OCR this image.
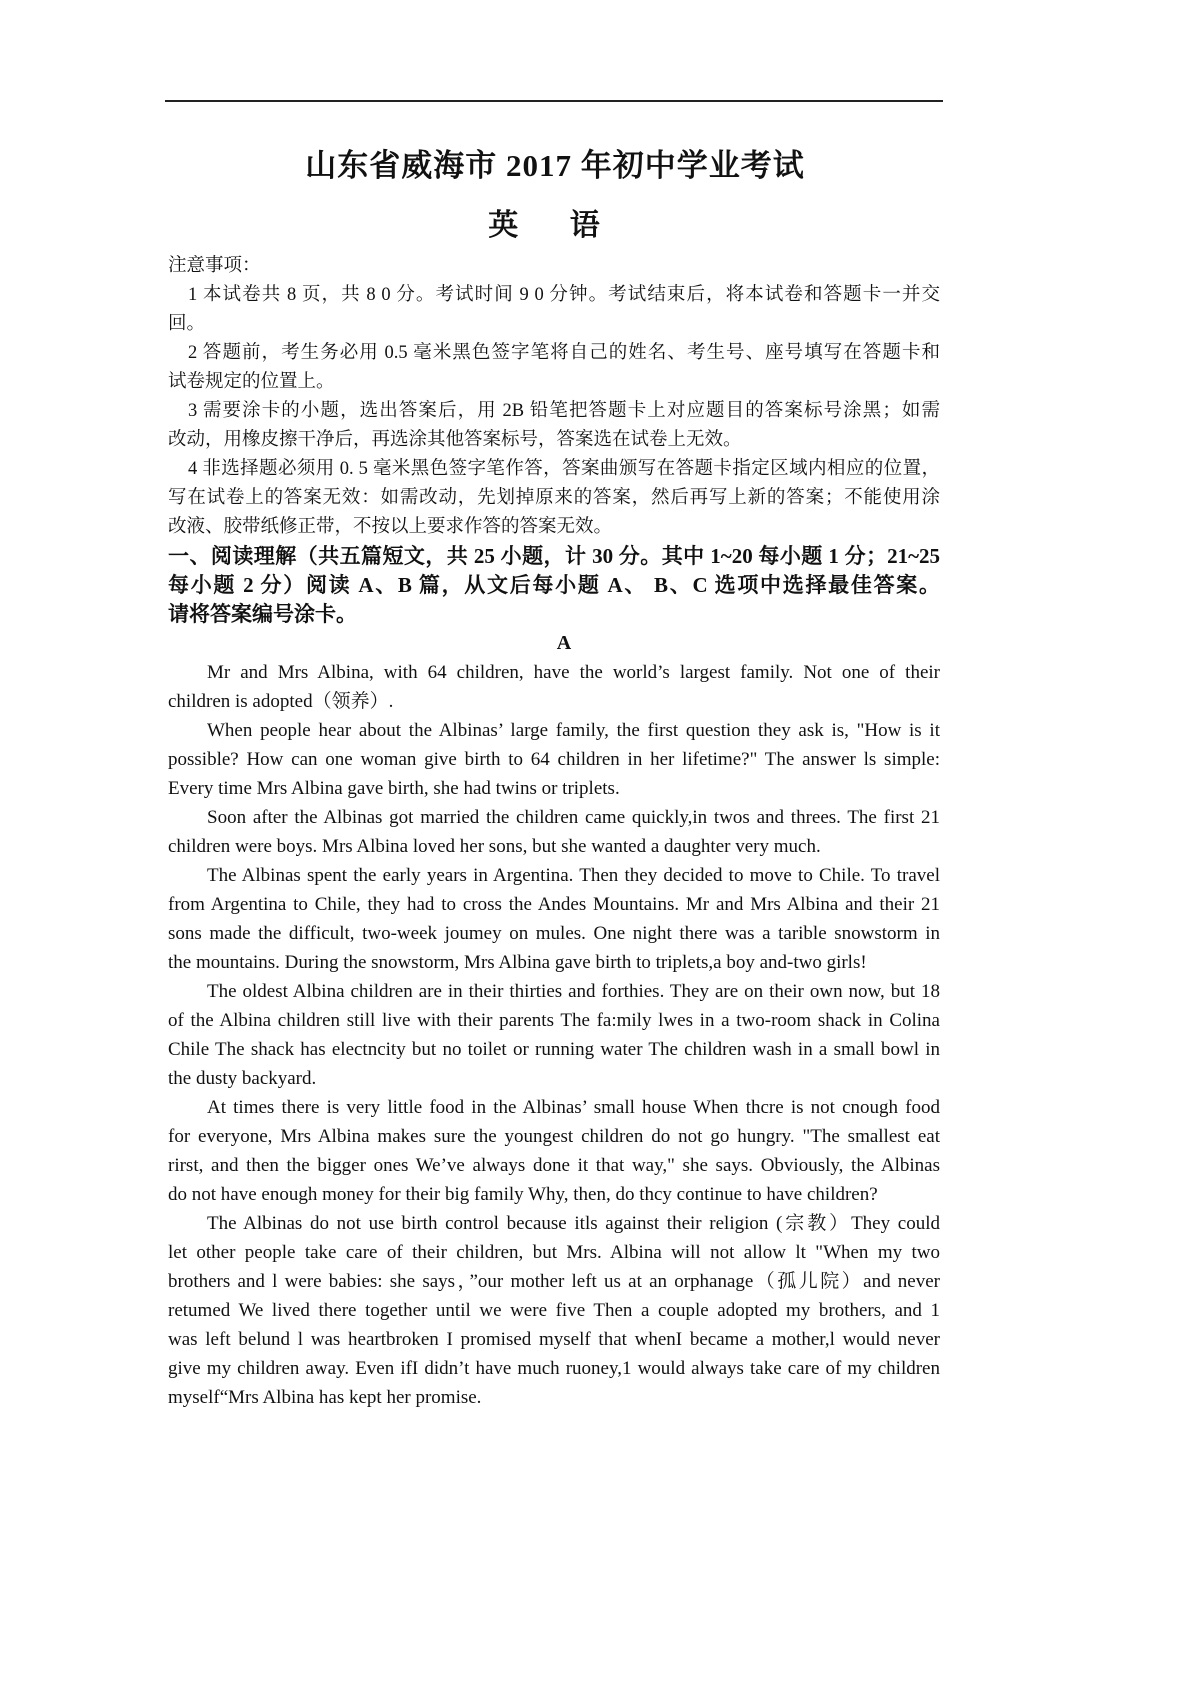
山东省威海市 2017 年初中学业考试
英 语
注意事项：
1 本试卷共 8 页，共 8 0 分。考试时间 9 0 分钟。考试结束后，将本试卷和答题卡一并交
回。
2 答题前，考生务必用 0.5 毫米黑色签字笔将自己的姓名、考生号、座号填写在答题卡和
试卷规定的位置上。
3 需要涂卡的小题，选出答案后，用 2B 铅笔把答题卡上对应题目的答案标号涂黑；如需
改动，用橡皮擦干净后，再选涂其他答案标号，答案选在试卷上无效。
4 非选择题必须用 0. 5 毫米黑色签字笔作答，答案曲颁写在答题卡指定区域内相应的位置，
写在试卷上的答案无效：如需改动，先划掉原来的答案，然后再写上新的答案；不能使用涂
改液、胶带纸修正带，不按以上要求作答的答案无效。
一、阅读理解（共五篇短文，共 25 小题，计 30 分。其中 1~20 每小题 1 分；21~25
每小题 2 分）阅读 A、B 篇，从文后每小题 A、 B、C 选项中选择最佳答案。
请将答案编号涂卡。
A
Mr and Mrs Albina, with 64 children, have the world’s largest family. Not one of their
children is adopted（领养）.
When people hear about the Albinas’ large family, the first question they ask is, "How is it
possible? How can one woman give birth to 64 children in her lifetime?" The answer ls simple:
Every time Mrs Albina gave birth, she had twins or triplets.
Soon after the Albinas got married the children came quickly,in twos and threes. The first 21
children were boys. Mrs Albina loved her sons, but she wanted a daughter very much.
The Albinas spent the early years in Argentina. Then they decided to move to Chile. To travel
from Argentina to Chile, they had to cross the Andes Mountains. Mr and Mrs Albina and their 21
sons made the difficult, two-week joumey on mules. One night there was a tarible snowstorm in
the mountains. During the snowstorm, Mrs Albina gave birth to triplets,a boy and-two girls!
The oldest Albina children are in their thirties and forthies. They are on their own now, but 18
of the Albina children still live with their parents The fa:mily lwes in a two-room shack in Colina
Chile The shack has electncity but no toilet or running water The children wash in a small bowl in
the dusty backyard.
At times there is very little food in the Albinas’ small house When thcre is not cnough food
for everyone, Mrs Albina makes sure the youngest children do not go hungry. "The smallest eat
rirst, and then the bigger ones We’ve always done it that way," she says. Obviously, the Albinas
do not have enough money for their big family Why, then, do thcy continue to have children?
The Albinas do not use birth control because itls against their religion (宗教）They could
let other people take care of their children, but Mrs. Albina will not allow lt "When my two
brothers and l were babies: she says，”our mother left us at an orphanage（孤儿院）and never
retumed We lived there together until we were five Then a couple adopted my brothers, and 1
was left belund l was heartbroken I promised myself that whenI became a mother,l would never
give my children away. Even ifI didn’t have much ruoney,1 would always take care of my children
myself“Mrs Albina has kept her promise.
